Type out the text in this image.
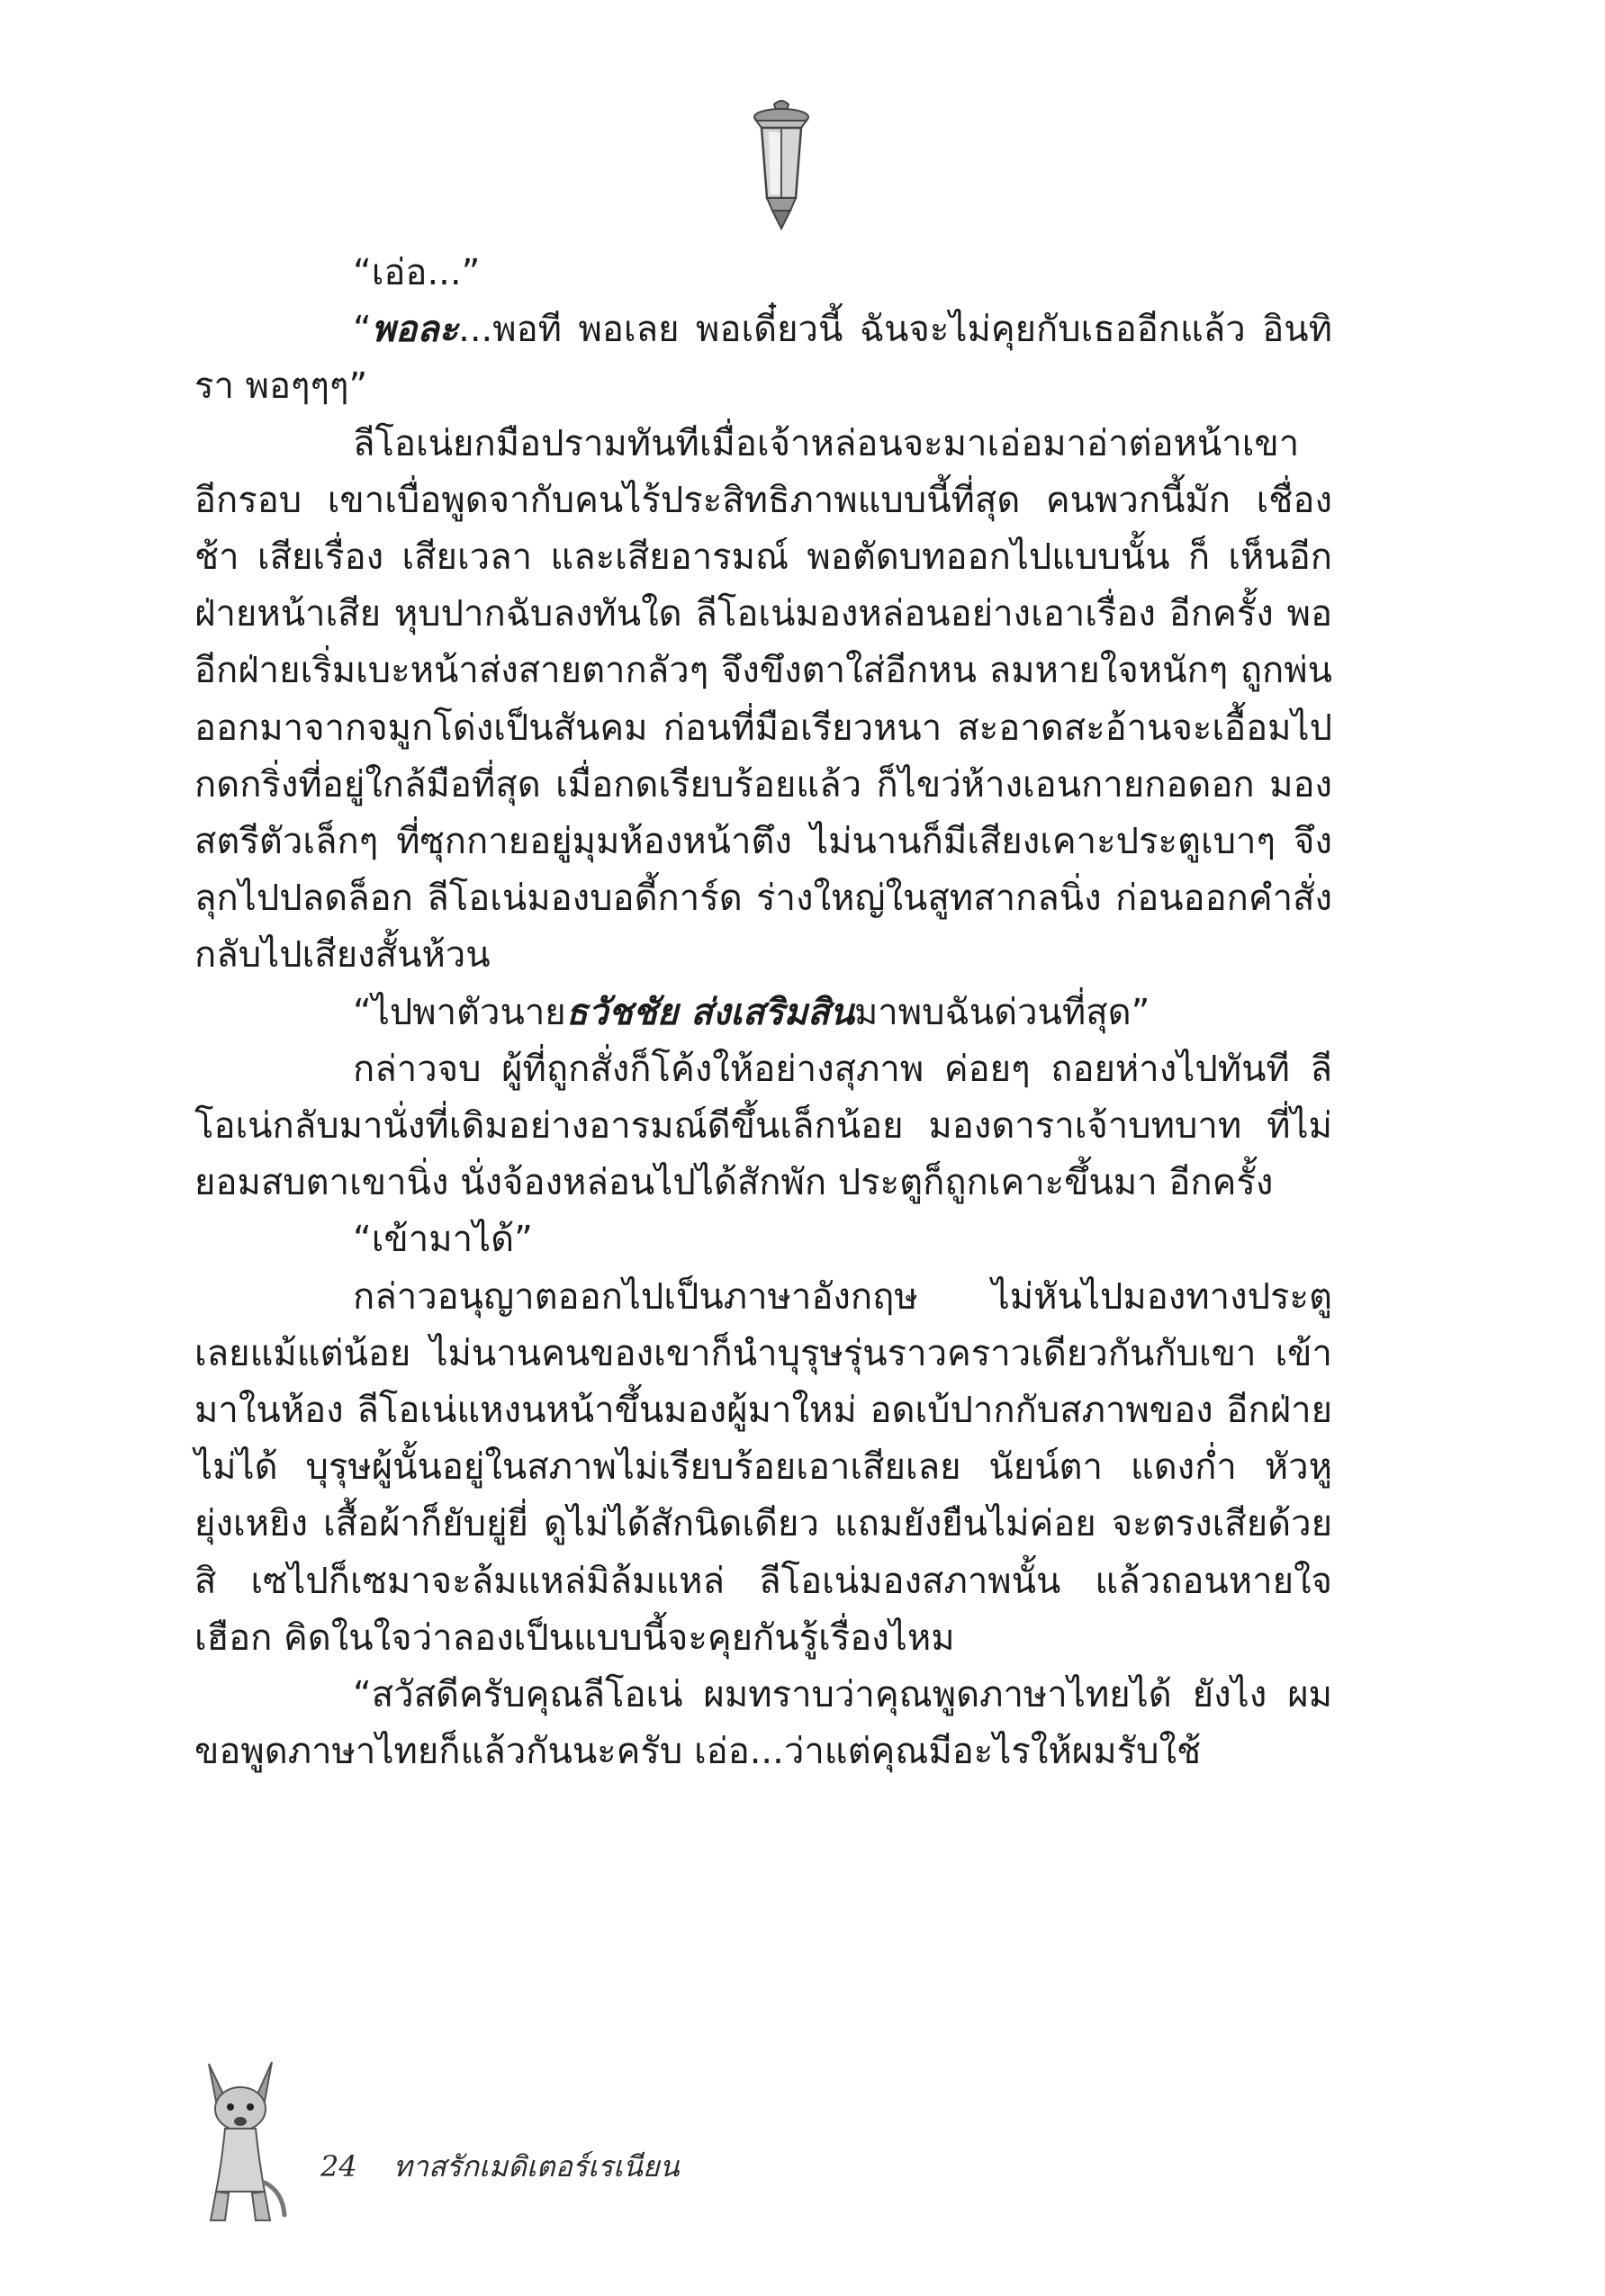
“เอ่อ...”

“พอละ...พอที พอเลย พอเดี๋ยวนี้ ฉันจะไม่คุยกับเธออีกแล้ว อินทิรา พอๆๆๆ”

ลีโอเน่ยกมือปรามทันทีเมื่อเจ้าหล่อนจะมาเอ่อมาอ่าต่อหน้าเขา อีกรอบ เขาเบื่อพูดจากับคนไร้ประสิทธิภาพแบบนี้ที่สุด คนพวกนี้มัก เชื่องช้า เสียเรื่อง เสียเวลา และเสียอารมณ์ พอตัดบทออกไปแบบนั้น ก็ เห็นอีกฝ่ายหน้าเสีย หุบปากฉับลงทันใด ลีโอเน่มองหล่อนอย่างเอาเรื่อง อีกครั้ง พออีกฝ่ายเริ่มเบะหน้าส่งสายตากลัวๆ จึงขึงตาใส่อีกหน ลมหายใจหนักๆ ถูกพ่นออกมาจากจมูกโด่งเป็นสันคม ก่อนที่มือเรียวหนา สะอาดสะอ้านจะเอื้อมไปกดกริ่งที่อยู่ใกล้มือที่สุด เมื่อกดเรียบร้อยแล้ว ก็ไขว่ห้างเอนกายกอดอก มองสตรีตัวเล็กๆ ที่ซุกกายอยู่มุมห้องหน้าตึง ไม่นานก็มีเสียงเคาะประตูเบาๆ จึงลุกไปปลดล็อก ลีโอเน่มองบอดี้การ์ด ร่างใหญ่ในสูทสากลนิ่ง ก่อนออกคำสั่งกลับไปเสียงสั้นห้วน

“ไปพาตัวนายธวัชชัย ส่งเสริมสินมาพบฉันด่วนที่สุด”

กล่าวจบ ผู้ที่ถูกสั่งก็โค้งให้อย่างสุภาพ ค่อยๆ ถอยห่างไปทันที ลีโอเน่กลับมานั่งที่เดิมอย่างอารมณ์ดีขึ้นเล็กน้อย มองดาราเจ้าบทบาท ที่ไม่ยอมสบตาเขานิ่ง นั่งจ้องหล่อนไปได้สักพัก ประตูก็ถูกเคาะขึ้นมา อีกครั้ง

“เข้ามาได้”

กล่าวอนุญาตออกไปเป็นภาษาอังกฤษ ไม่หันไปมองทางประตู เลยแม้แต่น้อย ไม่นานคนของเขาก็นำบุรุษรุ่นราวคราวเดียวกันกับเขา เข้ามาในห้อง ลีโอเน่แหงนหน้าขึ้นมองผู้มาใหม่ อดเบ้ปากกับสภาพของ อีกฝ่ายไม่ได้ บุรุษผู้นั้นอยู่ในสภาพไม่เรียบร้อยเอาเสียเลย นัยน์ตา แดงก่ำ หัวหูยุ่งเหยิง เสื้อผ้าก็ยับยู่ยี่ ดูไม่ได้สักนิดเดียว แถมยังยืนไม่ค่อย จะตรงเสียด้วยสิ เซไปก็เซมาจะล้มแหล่มิล้มแหล่ ลีโอเน่มองสภาพนั้น แล้วถอนหายใจเฮือก คิดในใจว่าลองเป็นแบบนี้จะคุยกันรู้เรื่องไหม

“สวัสดีครับคุณลีโอเน่ ผมทราบว่าคุณพูดภาษาไทยได้ ยังไง ผมขอพูดภาษาไทยก็แล้วกันนะครับ เอ่อ...ว่าแต่คุณมีอะไรให้ผมรับใช้

24 ทาสรักเมดิเตอร์เรเนียน
